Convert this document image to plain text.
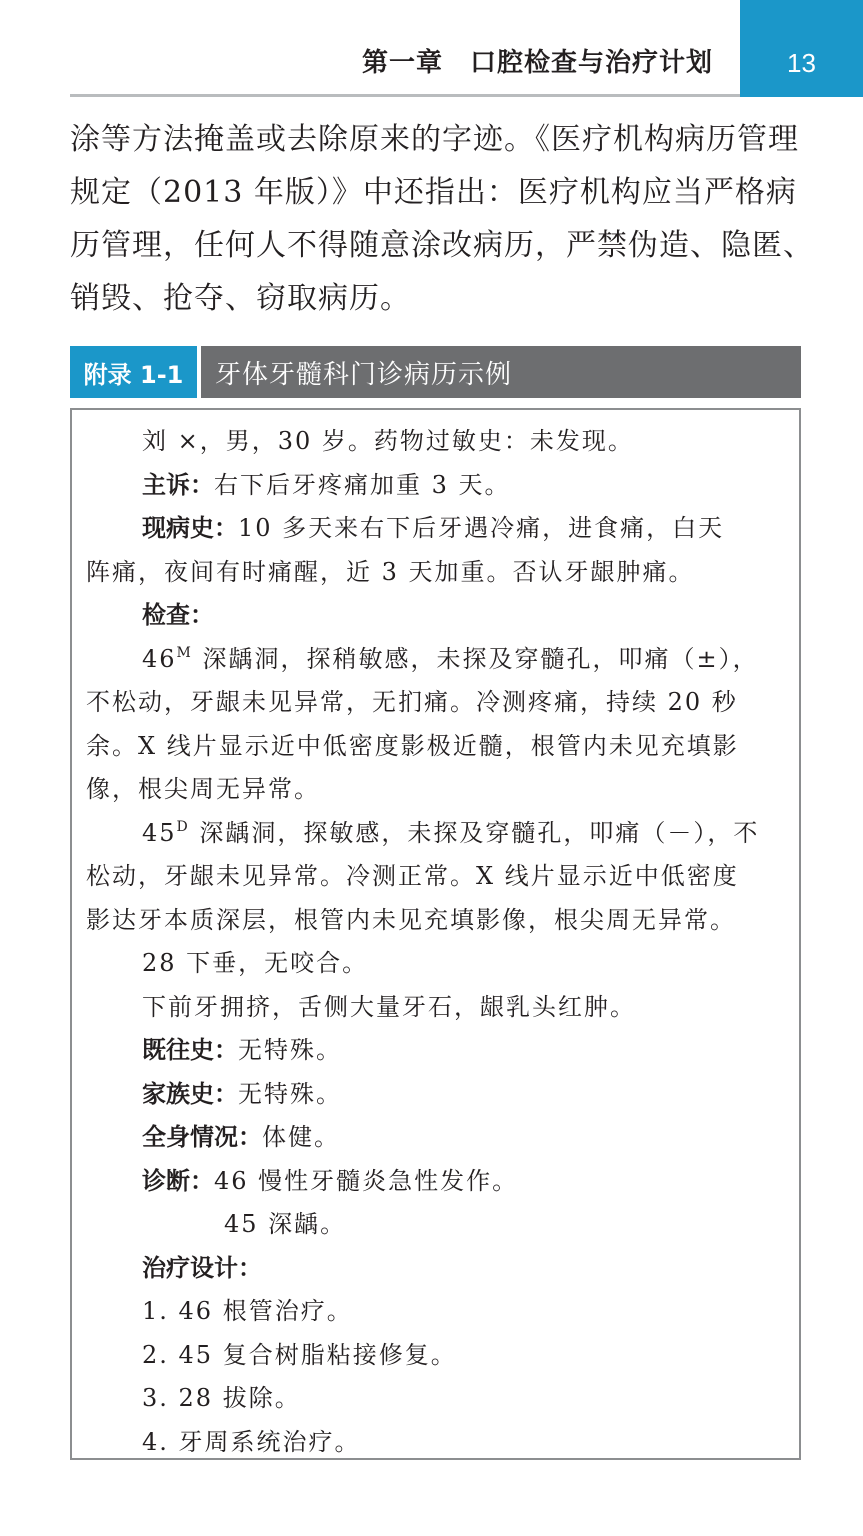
第一章　口腔检查与治疗计划	13
涂等方法掩盖或去除原来的字迹。《医疗机构病历管理
规定（2013 年版）》中还指出：医疗机构应当严格病
历管理，任何人不得随意涂改病历，严禁伪造、隐匿、
销毁、抢夺、窃取病历。
附录 1-1	牙体牙髓科门诊病历示例
刘 ×，男，30 岁。药物过敏史：未发现。
主诉：右下后牙疼痛加重 3 天。
现病史：10 多天来右下后牙遇冷痛，进食痛，白天
阵痛，夜间有时痛醒，近 3 天加重。否认牙龈肿痛。
检查：
$46^M$ 深龋洞，探稍敏感，未探及穿髓孔，叩痛（±），
不松动，牙龈未见异常，无扪痛。冷测疼痛，持续 20 秒
余。X 线片显示近中低密度影极近髓，根管内未见充填影
像，根尖周无异常。
$45^D$ 深龋洞，探敏感，未探及穿髓孔，叩痛（－），不
松动，牙龈未见异常。冷测正常。X 线片显示近中低密度
影达牙本质深层，根管内未见充填影像，根尖周无异常。
28 下垂，无咬合。
下前牙拥挤，舌侧大量牙石，龈乳头红肿。
既往史：无特殊。
家族史：无特殊。
全身情况：体健。
诊断：46 慢性牙髓炎急性发作。
45 深龋。
治疗设计：
1. 46 根管治疗。
2. 45 复合树脂粘接修复。
3. 28 拔除。
4. 牙周系统治疗。
